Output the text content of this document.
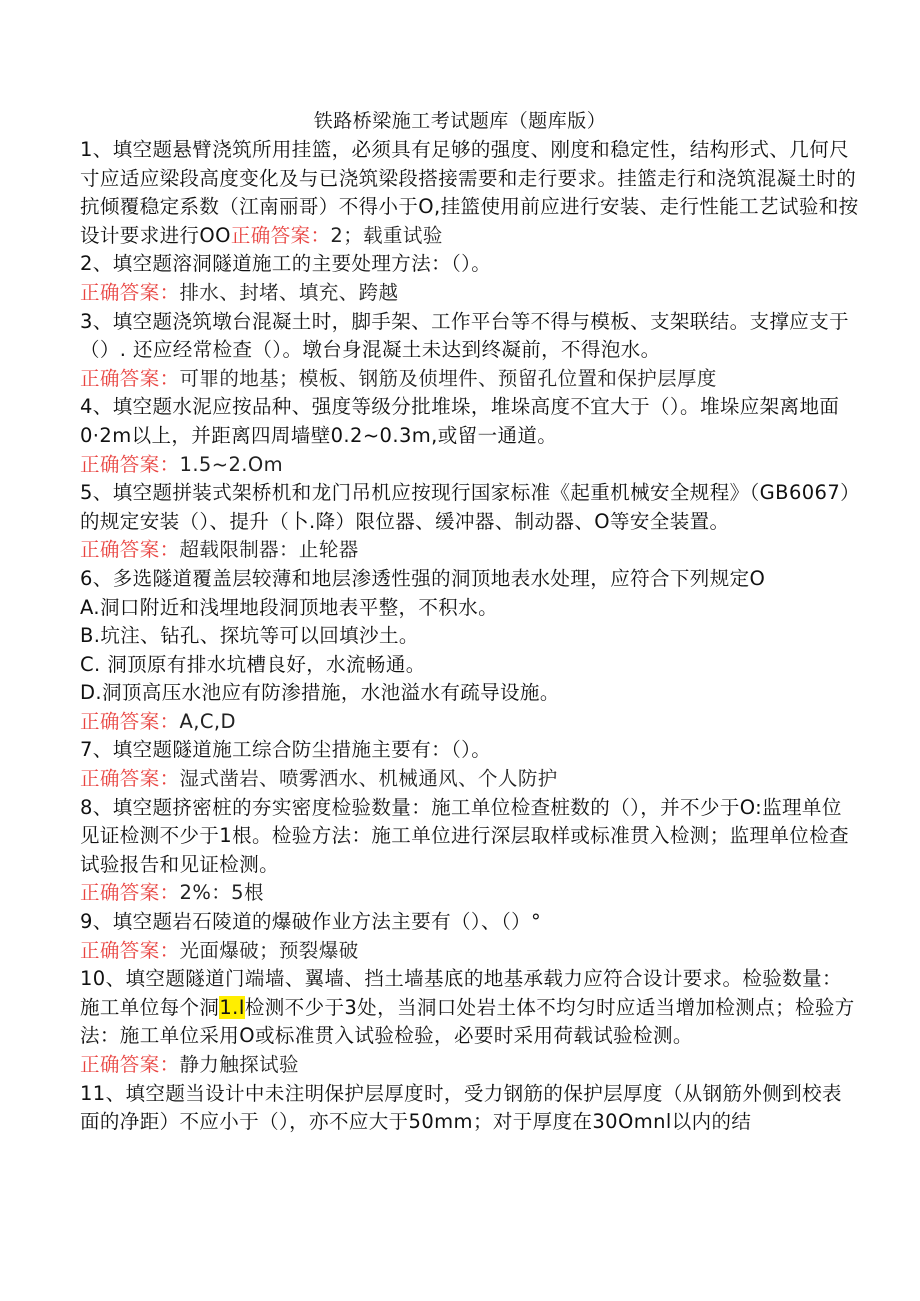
铁路桥梁施工考试题库（题库版）

1、填空题悬臂浇筑所用挂篮，必须具有足够的强度、刚度和稳定性，结构形式、几何尺寸应适应梁段高度变化及与已浇筑梁段搭接需要和走行要求。挂篮走行和浇筑混凝土时的抗倾覆稳定系数（江南丽哥）不得小于O,挂篮使用前应进行安装、走行性能工艺试验和按设计要求进行OO正确答案：2；载重试验

2、填空题溶洞隧道施工的主要处理方法：（）。

正确答案：排水、封堵、填充、跨越

3、填空题浇筑墩台混凝土时，脚手架、工作平台等不得与模板、支架联结。支撑应支于（）. 还应经常检查（）。墩台身混凝土未达到终凝前，不得泡水。

正确答案：可罪的地基；模板、钢筋及侦埋件、预留孔位置和保护层厚度

4、填空题水泥应按品种、强度等级分批堆垛，堆垛高度不宜大于（）。堆垛应架离地面0·2m以上，并距离四周墙壁0.2~0.3m,或留一通道。

正确答案：1.5~2.Om

5、填空题拼装式架桥机和龙门吊机应按现行国家标准《起重机械安全规程》（GB6067）的规定安装（）、提升（卜.降）限位器、缓冲器、制动器、O等安全装置。

正确答案：超载限制器：止轮器

6、多选隧道覆盖层较薄和地层渗透性强的洞顶地表水处理，应符合下列规定O

A.洞口附近和浅埋地段洞顶地表平整，不积水。

B.坑注、钻孔、探坑等可以回填沙土。

C. 洞顶原有排水坑槽良好，水流畅通。

D.洞顶高压水池应有防渗措施，水池溢水有疏导设施。

正确答案：A,C,D

7、填空题隧道施工综合防尘措施主要有：（）。

正确答案：湿式凿岩、喷雾洒水、机械通风、个人防护

8、填空题挤密桩的夯实密度检验数量：施工单位检查桩数的（），并不少于O:监理单位见证检测不少于1根。检验方法：施工单位进行深层取样或标准贯入检测；监理单位检查试验报告和见证检测。

正确答案：2%：5根

9、填空题岩石陵道的爆破作业方法主要有（）、（）°

正确答案：光面爆破；预裂爆破

10、填空题隧道门端墙、翼墙、挡土墙基底的地基承载力应符合设计要求。检验数量：施工单位每个洞1.I检测不少于3处，当洞口处岩土体不均匀时应适当增加检测点；检验方法：施工单位采用O或标准贯入试验检验，必要时采用荷载试验检测。

正确答案：静力触探试验

11、填空题当设计中未注明保护层厚度时，受力钢筋的保护层厚度（从钢筋外侧到校表面的净距）不应小于（），亦不应大于50mm；对于厚度在30Omnl以内的结
